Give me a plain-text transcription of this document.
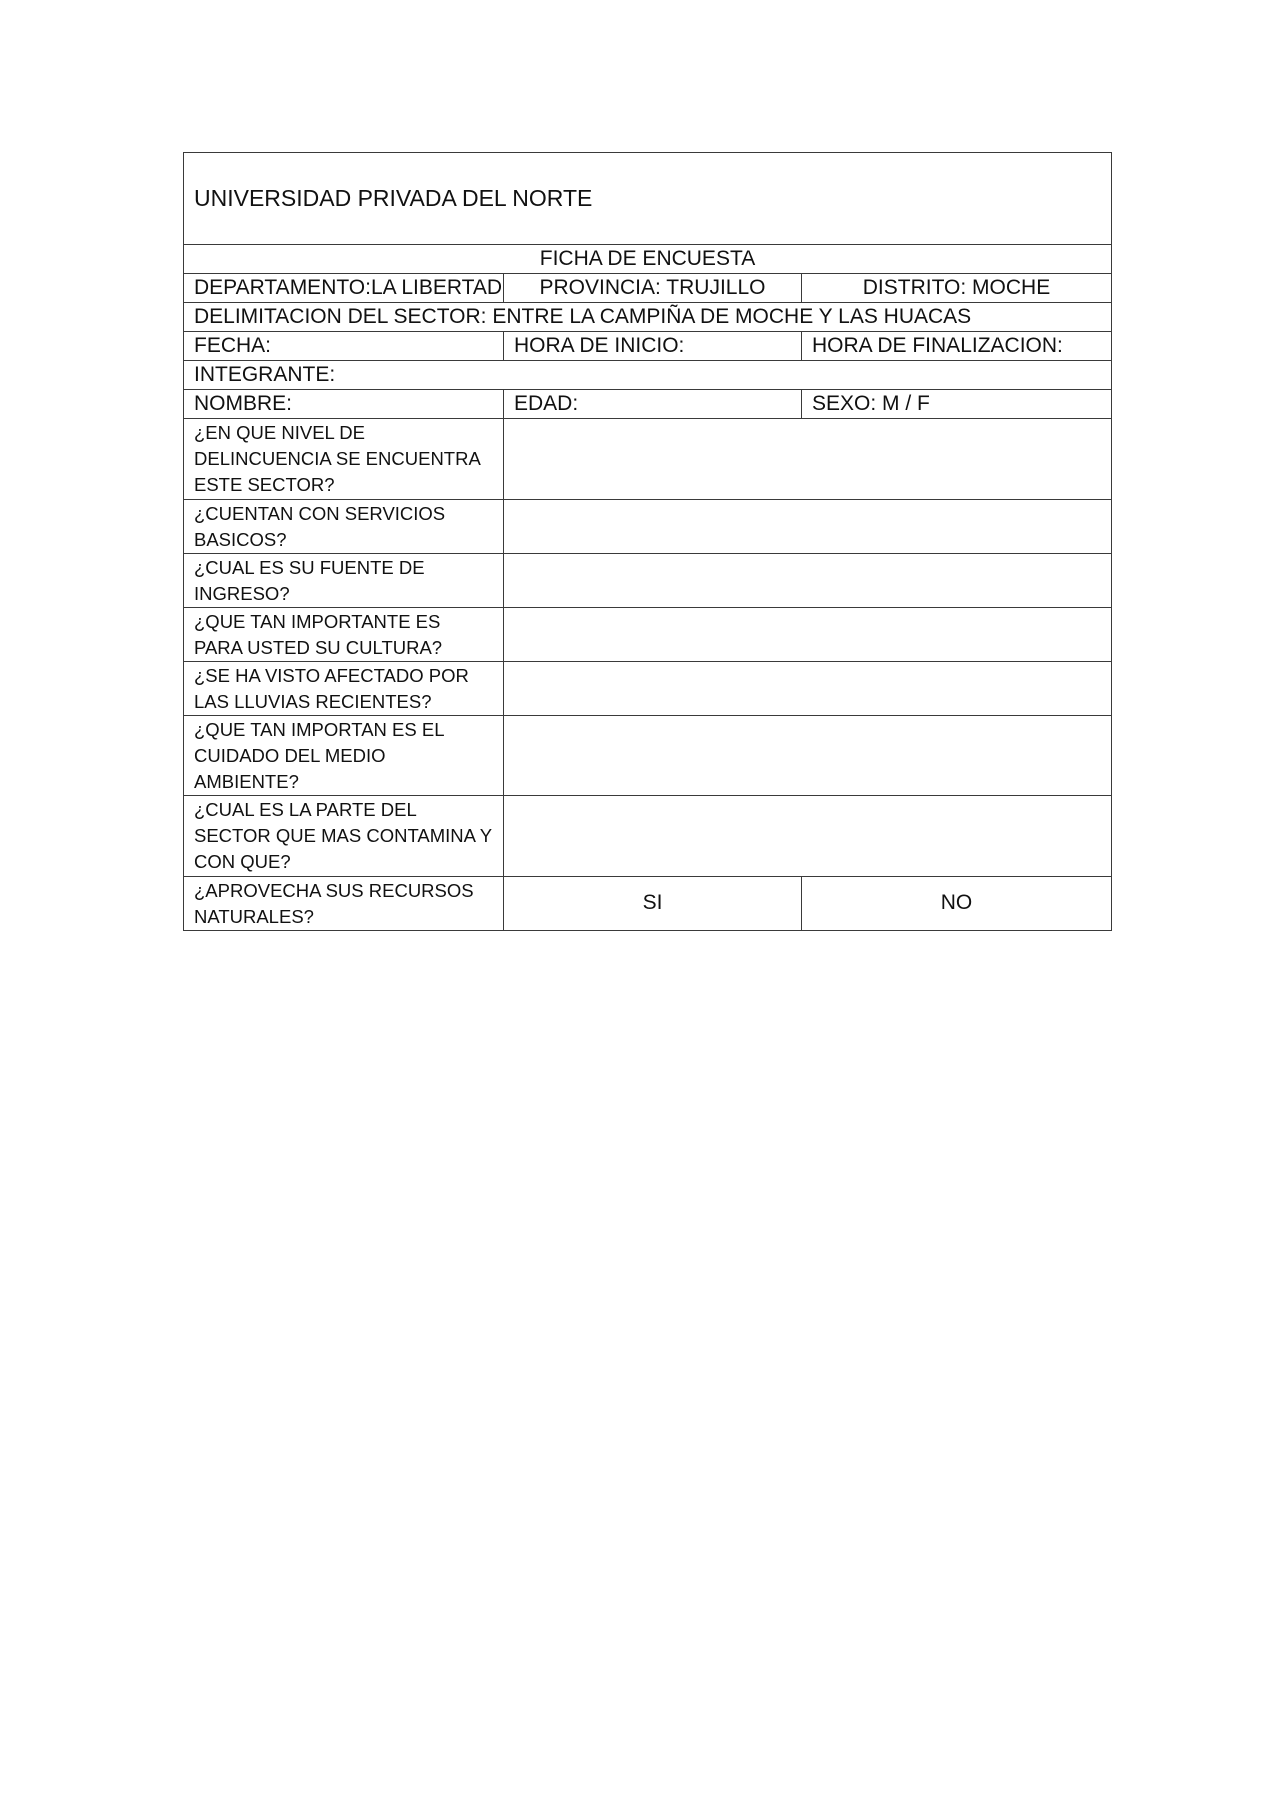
UNIVERSIDAD PRIVADA DEL NORTE		
FICHA DE ENCUESTA		
DEPARTAMENTO:LA LIBERTAD	PROVINCIA: TRUJILLO	DISTRITO: MOCHE
DELIMITACION DEL SECTOR: ENTRE LA CAMPIÑA DE MOCHE Y LAS HUACAS		
FECHA:	HORA DE INICIO:	HORA DE FINALIZACION:
INTEGRANTE:		
NOMBRE:	EDAD:	SEXO: M / F
¿EN QUE NIVEL DE DELINCUENCIA SE ENCUENTRA ESTE SECTOR?		
¿CUENTAN CON SERVICIOS BASICOS?		
¿CUAL ES SU FUENTE DE INGRESO?		
¿QUE TAN IMPORTANTE ES PARA USTED SU CULTURA?		
¿SE HA VISTO AFECTADO POR LAS LLUVIAS RECIENTES?		
¿QUE TAN IMPORTAN ES EL CUIDADO DEL MEDIO AMBIENTE?		
¿CUAL ES LA PARTE DEL SECTOR QUE MAS CONTAMINA Y CON QUE?		
¿APROVECHA SUS RECURSOS NATURALES?	SI	NO
